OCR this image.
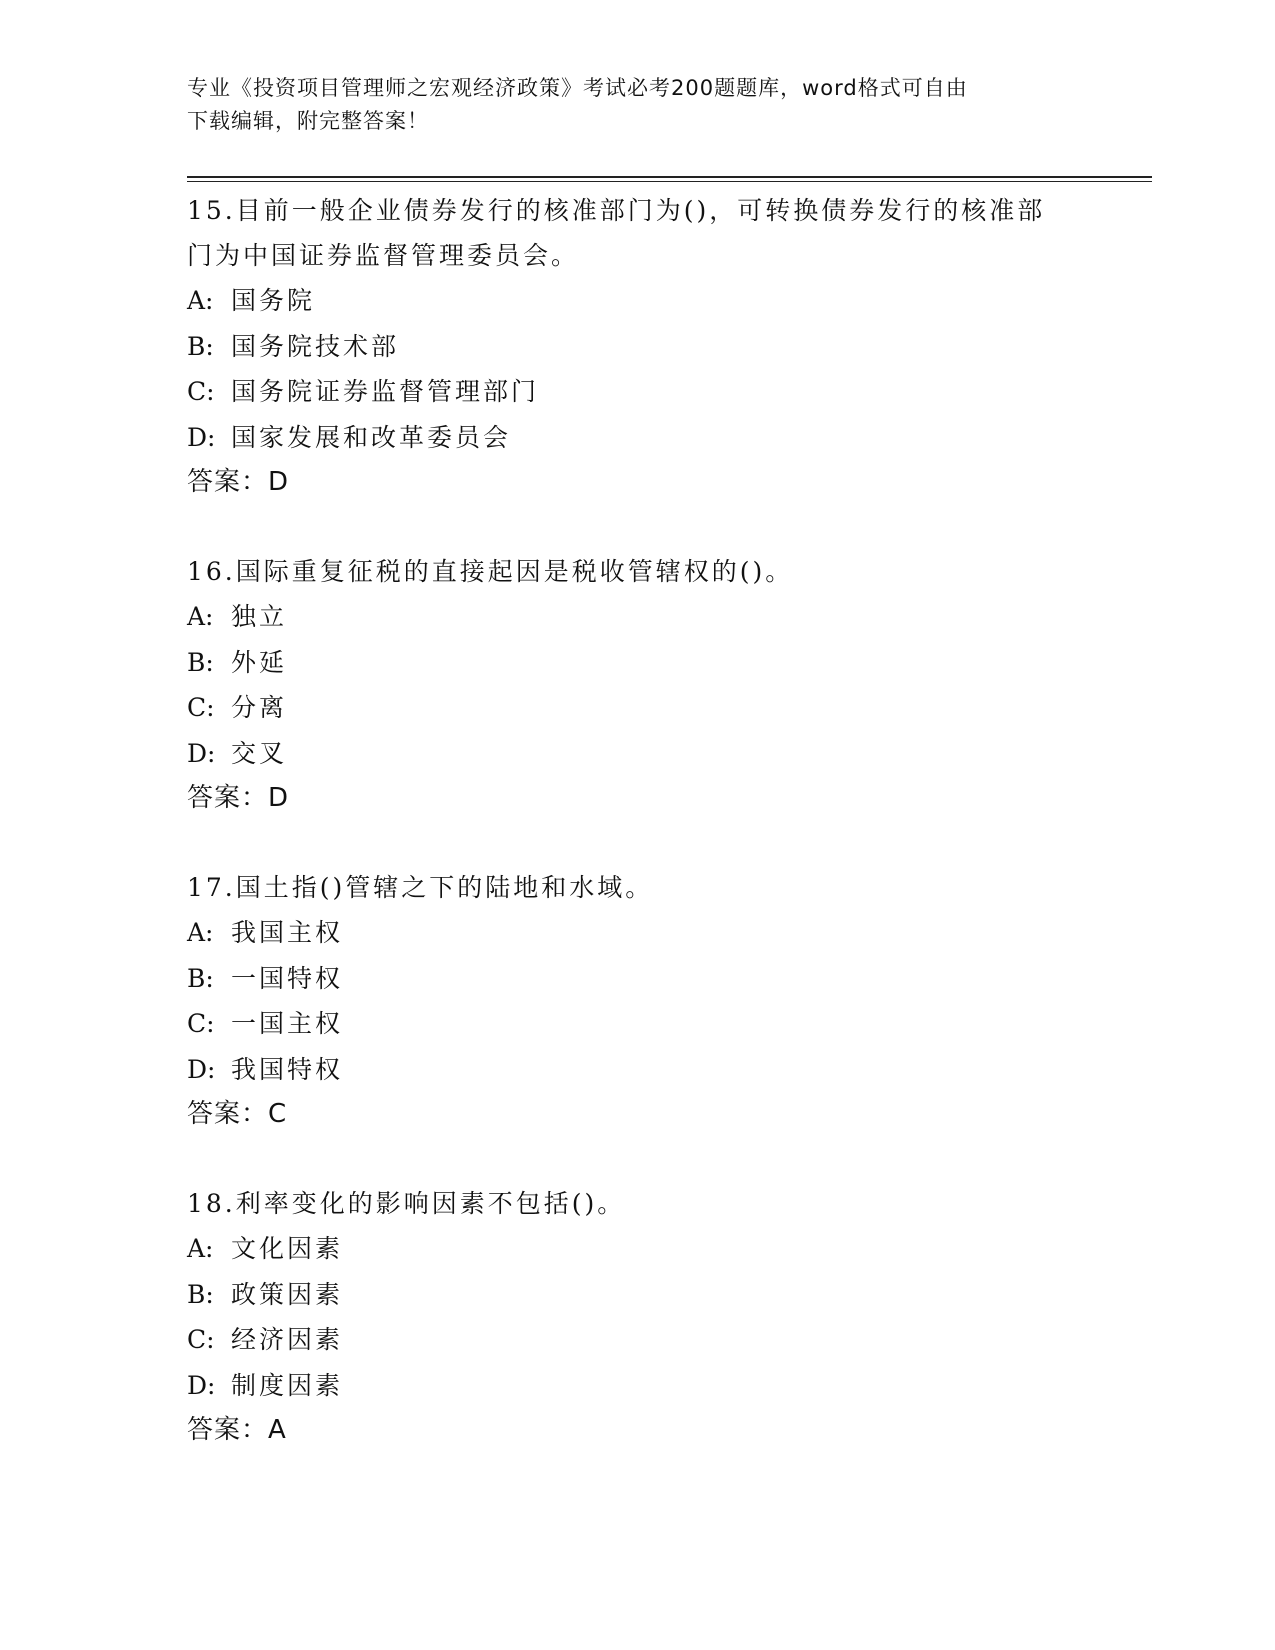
专业《投资项目管理师之宏观经济政策》考试必考200题题库，word格式可自由
下载编辑，附完整答案！
15.目前一般企业债券发行的核准部门为()，可转换债券发行的核准部
门为中国证券监督管理委员会。
A: 国务院
B: 国务院技术部
C: 国务院证券监督管理部门
D: 国家发展和改革委员会
答案：D
16.国际重复征税的直接起因是税收管辖权的()。
A: 独立
B: 外延
C: 分离
D: 交叉
答案：D
17.国土指()管辖之下的陆地和水域。
A: 我国主权
B: 一国特权
C: 一国主权
D: 我国特权
答案：C
18.利率变化的影响因素不包括()。
A: 文化因素
B: 政策因素
C: 经济因素
D: 制度因素
答案：A
